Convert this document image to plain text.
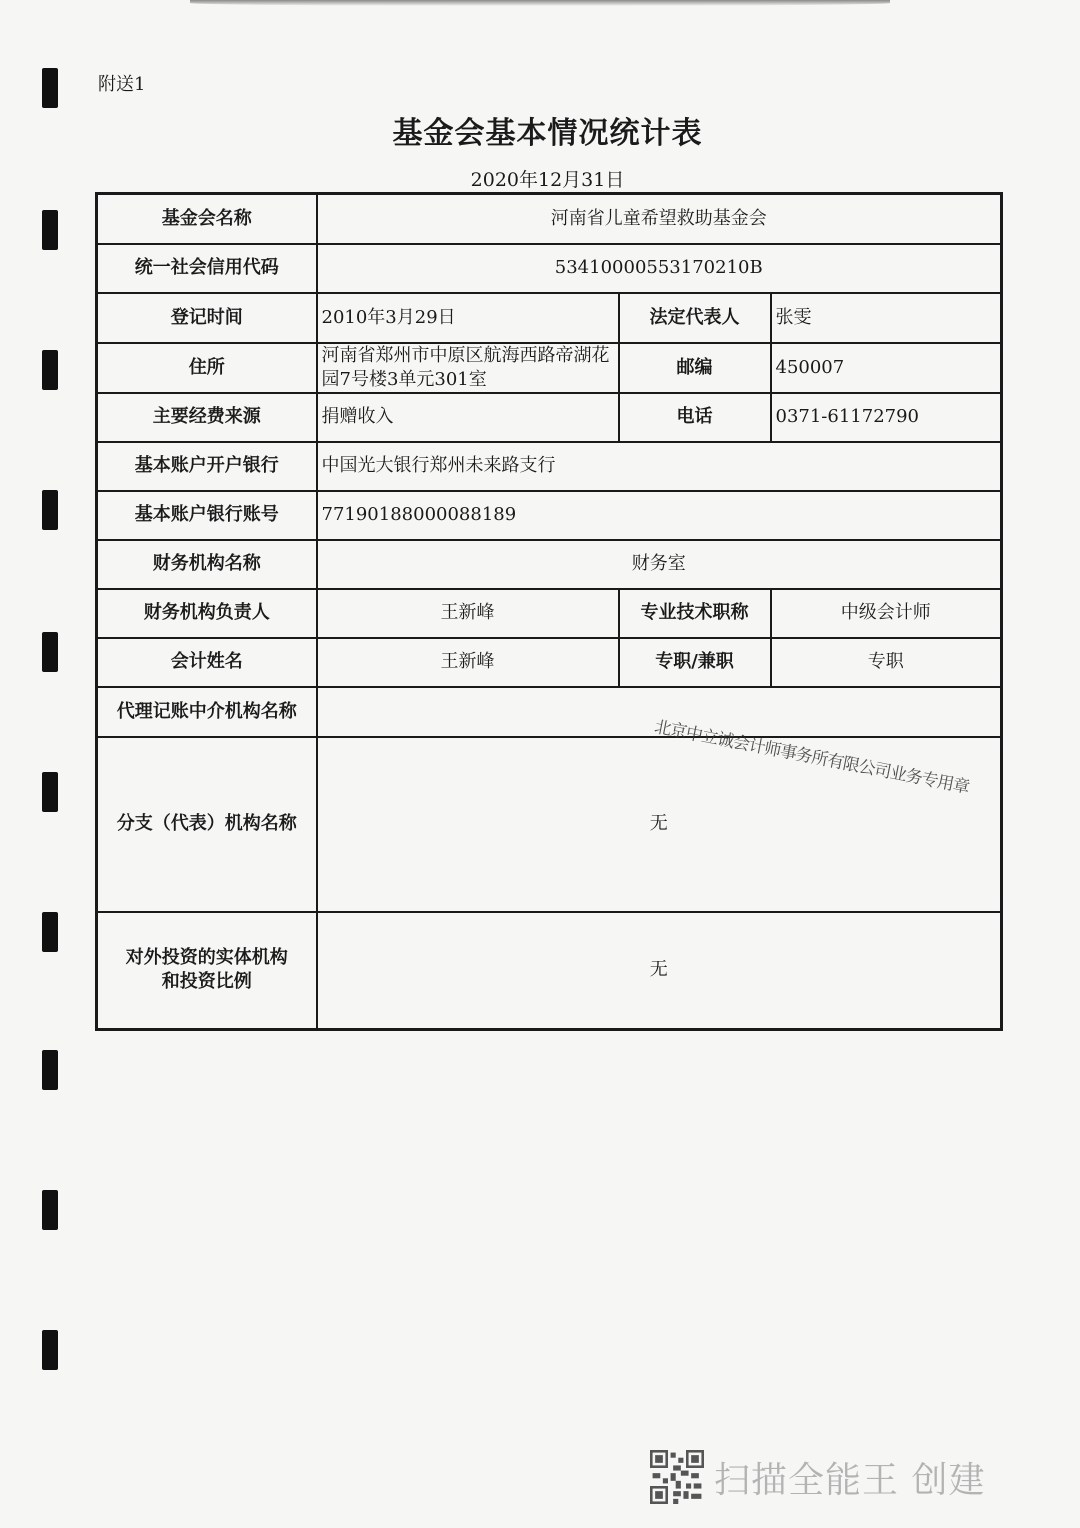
附送1
基金会基本情况统计表
2020年12月31日
基金会名称	河南省儿童希望救助基金会		
统一社会信用代码	53410000553170210B		
登记时间	2010年3月29日	法定代表人	张雯
住所	河南省郑州市中原区航海西路帝湖花园7号楼3单元301室	邮编	450007
主要经费来源	捐赠收入	电话	0371-61172790
基本账户开户银行	中国光大银行郑州未来路支行		
基本账户银行账号	77190188000088189		
财务机构名称	财务室		
财务机构负责人	王新峰	专业技术职称	中级会计师
会计姓名	王新峰	专职/兼职	专职
代理记账中介机构名称			
分支（代表）机构名称	无		

对外投资的实体机构
和投资比例	无		
北京中立诚会计师事务所有限公司业务专用章
扫描全能王 创建
